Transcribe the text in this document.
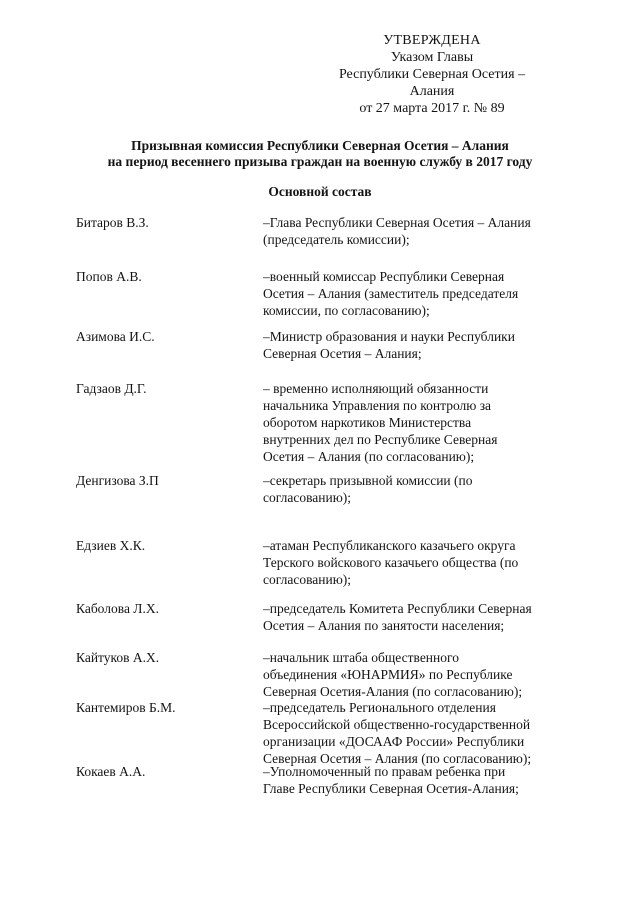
УТВЕРЖДЕНА
Указом Главы
Республики Северная Осетия –
Алания
от 27 марта 2017 г. № 89
Призывная комиссия Республики Северная Осетия – Алания
на период весеннего призыва граждан на военную службу в 2017 году
Основной состав
Битаров В.З.	–Глава Республики Северная Осетия – Алания
(председатель комиссии);
Попов А.В.	–военный комиссар Республики Северная
Осетия – Алания (заместитель председателя
комиссии, по согласованию);
Азимова И.С.	–Министр образования и науки Республики
Северная Осетия – Алания;
Гадзаов Д.Г.	– временно исполняющий обязанности
начальника Управления по контролю за
оборотом наркотиков Министерства
внутренних дел по Республике Северная
Осетия – Алания (по согласованию);
Денгизова З.П	–секретарь призывной комиссии (по
согласованию);
Едзиев Х.К.	–атаман Республиканского казачьего округа
Терского войскового казачьего общества (по
согласованию);
Каболова Л.Х.	–председатель Комитета Республики Северная
Осетия – Алания по занятости населения;
Кайтуков А.Х.	–начальник штаба общественного
объединения «ЮНАРМИЯ» по Республике
Северная Осетия-Алания (по согласованию);
Кантемиров Б.М.	–председатель Регионального отделения
Всероссийской общественно-государственной
организации «ДОСААФ России» Республики
Северная Осетия – Алания (по согласованию);
Кокаев А.А.	–Уполномоченный по правам ребенка при
Главе Республики Северная Осетия-Алания;
